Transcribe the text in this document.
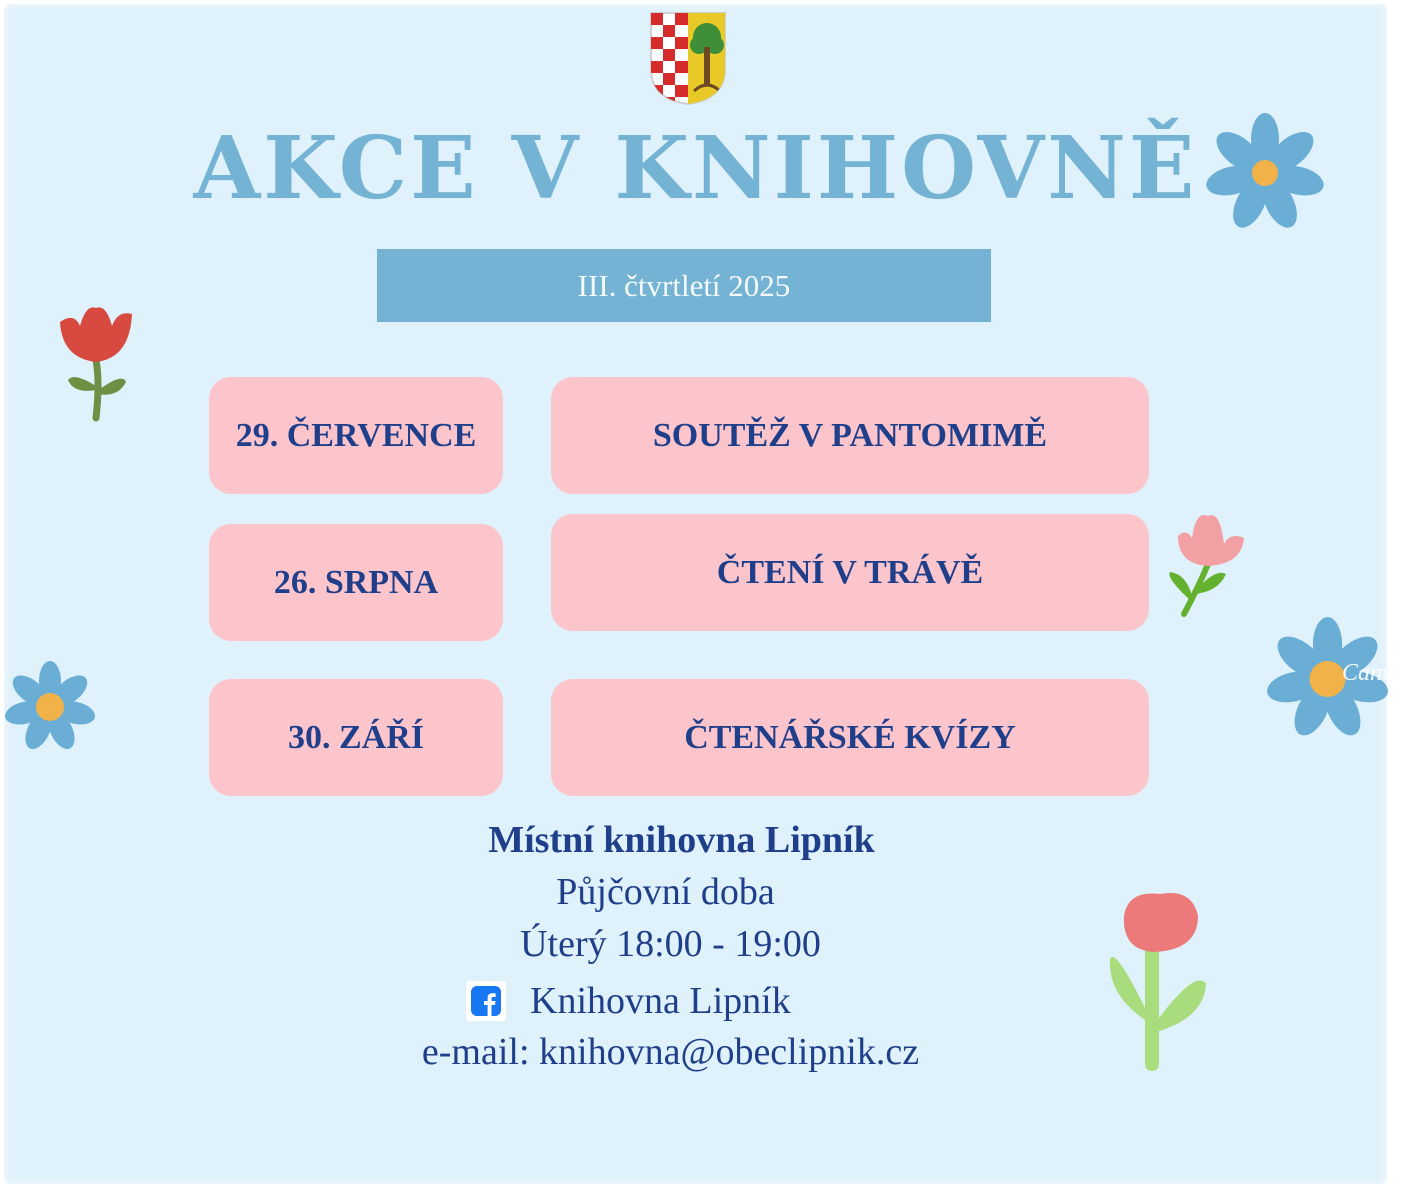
AKCE V KNIHOVNĚ
III. čtvrtletí 2025
29. ČERVENCE	SOUTĚŽ V PANTOMIMĚ
26. SRPNA	ČTENÍ V TRÁVĚ
30. ZÁŘÍ	ČTENÁŘSKÉ KVÍZY
Místní knihovna Lipník
Půjčovní doba
Úterý 18:00 - 19:00
Knihovna Lipník
e-mail: knihovna@obeclipnik.cz
Canva
